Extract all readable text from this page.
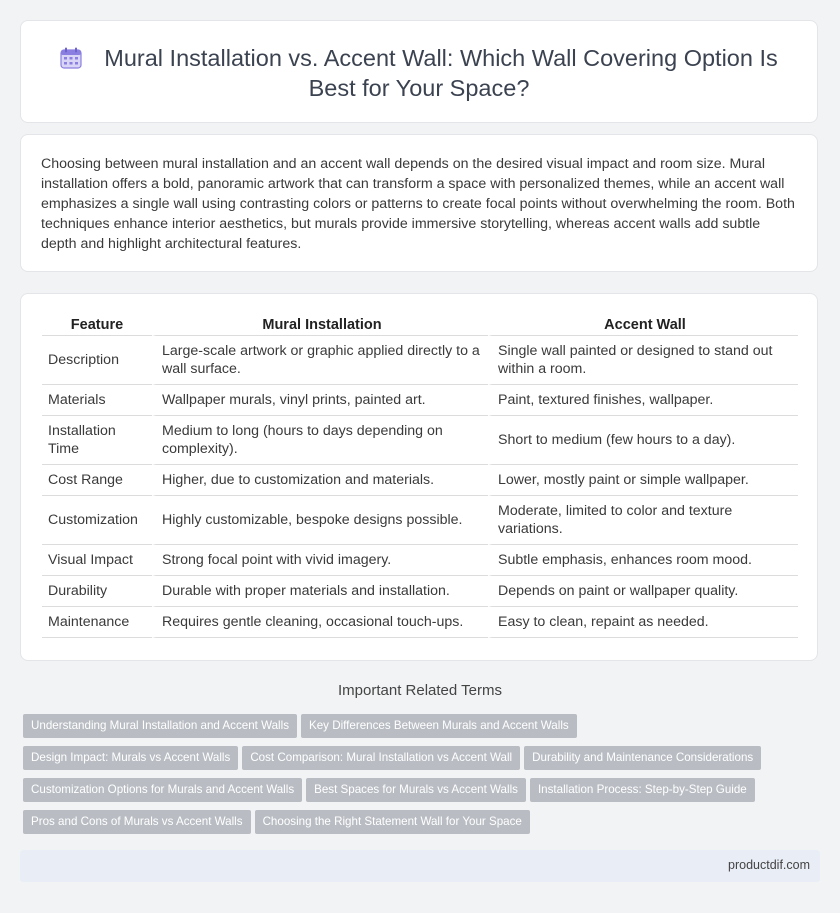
Mural Installation vs. Accent Wall: Which Wall Covering Option Is Best for Your Space?
Choosing between mural installation and an accent wall depends on the desired visual impact and room size. Mural installation offers a bold, panoramic artwork that can transform a space with personalized themes, while an accent wall emphasizes a single wall using contrasting colors or patterns to create focal points without overwhelming the room. Both techniques enhance interior aesthetics, but murals provide immersive storytelling, whereas accent walls add subtle depth and highlight architectural features.
Feature	Mural Installation	Accent Wall
Description	Large-scale artwork or graphic applied directly to a wall surface.	Single wall painted or designed to stand out within a room.
Materials	Wallpaper murals, vinyl prints, painted art.	Paint, textured finishes, wallpaper.
Installation Time	Medium to long (hours to days depending on complexity).	Short to medium (few hours to a day).
Cost Range	Higher, due to customization and materials.	Lower, mostly paint or simple wallpaper.
Customization	Highly customizable, bespoke designs possible.	Moderate, limited to color and texture variations.
Visual Impact	Strong focal point with vivid imagery.	Subtle emphasis, enhances room mood.
Durability	Durable with proper materials and installation.	Depends on paint or wallpaper quality.
Maintenance	Requires gentle cleaning, occasional touch-ups.	Easy to clean, repaint as needed.
Important Related Terms
Understanding Mural Installation and Accent Walls Key Differences Between Murals and Accent Walls
Design Impact: Murals vs Accent Walls Cost Comparison: Mural Installation vs Accent Wall Durability and Maintenance Considerations
Customization Options for Murals and Accent Walls Best Spaces for Murals vs Accent Walls Installation Process: Step-by-Step Guide
Pros and Cons of Murals vs Accent Walls Choosing the Right Statement Wall for Your Space
productdif.com
